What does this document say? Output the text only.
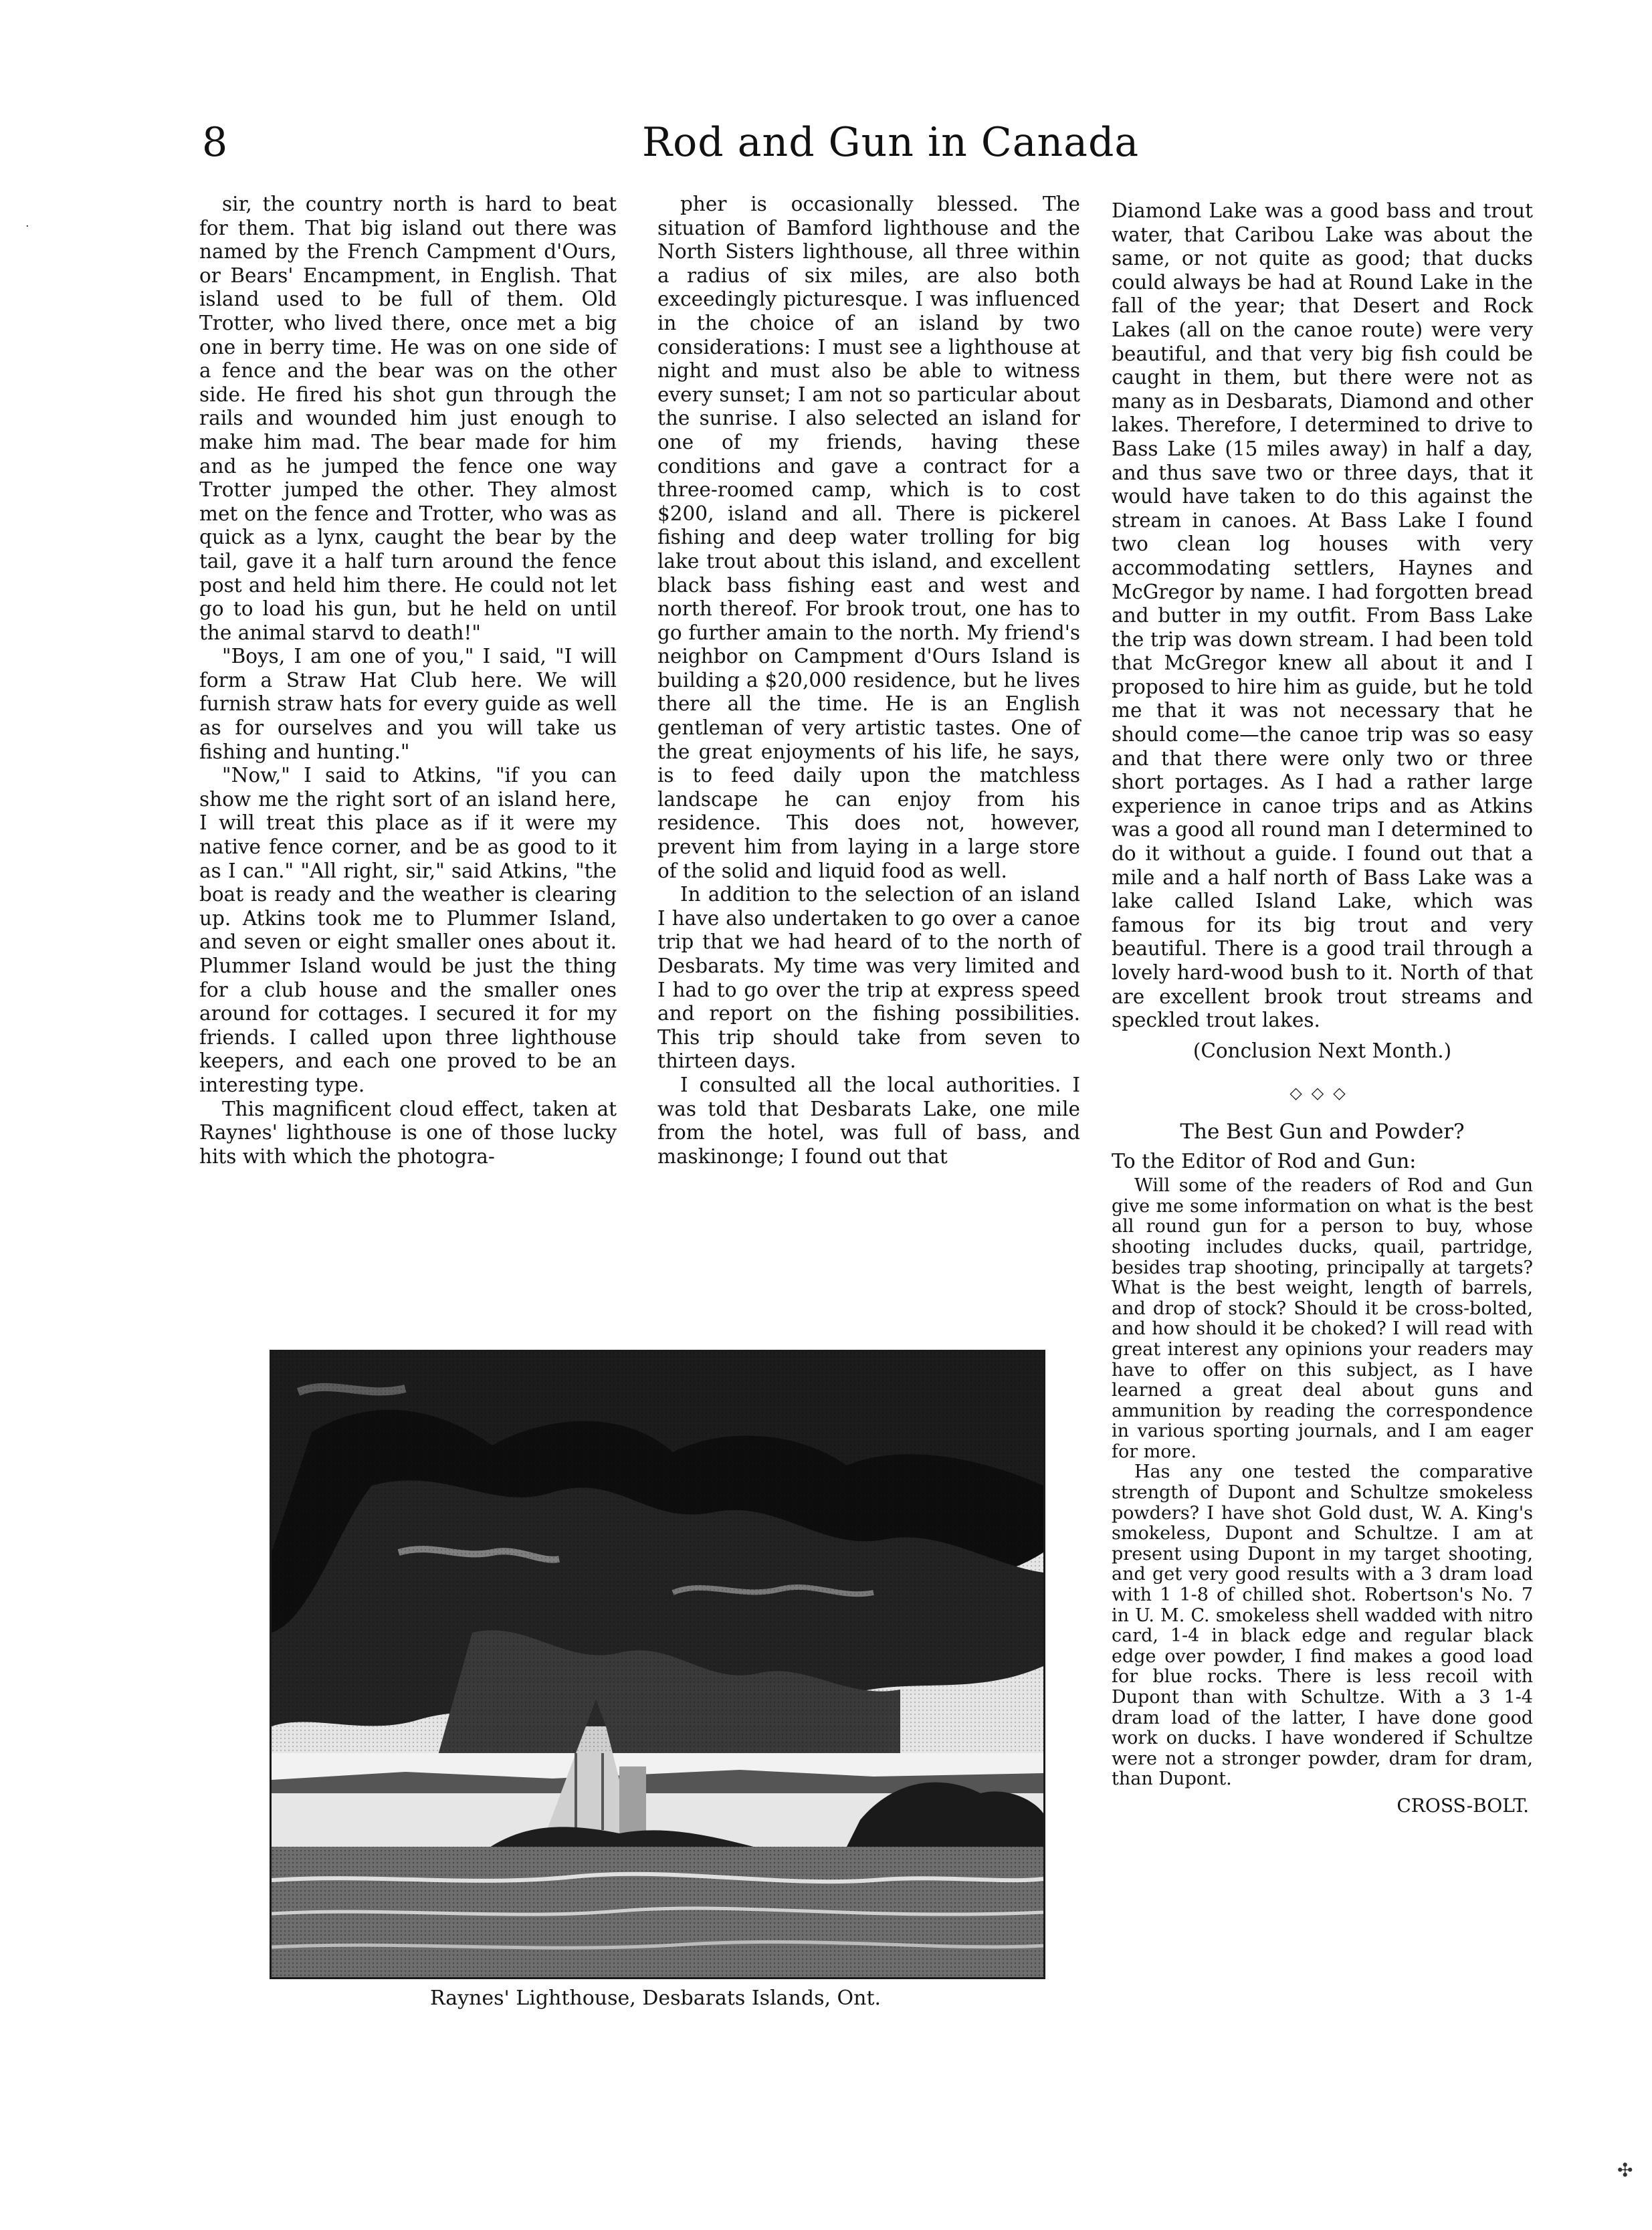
8	Rod and Gun in Canada

sir, the country north is hard to beat for them. That big island out there was named by the French Campment d'Ours, or Bears' Encampment, in English. That island used to be full of them. Old Trotter, who lived there, once met a big one in berry time. He was on one side of a fence and the bear was on the other side. He fired his shot gun through the rails and wounded him just enough to make him mad. The bear made for him and as he jumped the fence one way Trotter jumped the other. They almost met on the fence and Trotter, who was as quick as a lynx, caught the bear by the tail, gave it a half turn around the fence post and held him there. He could not let go to load his gun, but he held on until the animal starvd to death!"

"Boys, I am one of you," I said, "I will form a Straw Hat Club here. We will furnish straw hats for every guide as well as for ourselves and you will take us fishing and hunting."

"Now," I said to Atkins, "if you can show me the right sort of an island here, I will treat this place as if it were my native fence corner, and be as good to it as I can." "All right, sir," said Atkins, "the boat is ready and the weather is clearing up. Atkins took me to Plummer Island, and seven or eight smaller ones about it. Plummer Island would be just the thing for a club house and the smaller ones around for cottages. I secured it for my friends. I called upon three lighthouse keepers, and each one proved to be an interesting type.

This magnificent cloud effect, taken at Raynes' lighthouse is one of those lucky hits with which the photogra-

pher is occasionally blessed. The situation of Bamford lighthouse and the North Sisters lighthouse, all three within a radius of six miles, are also both exceedingly picturesque. I was influenced in the choice of an island by two considerations: I must see a lighthouse at night and must also be able to witness every sunset; I am not so particular about the sunrise. I also selected an island for one of my friends, having these conditions and gave a contract for a three-roomed camp, which is to cost $200, island and all. There is pickerel fishing and deep water trolling for big lake trout about this island, and excellent black bass fishing east and west and north thereof. For brook trout, one has to go further amain to the north. My friend's neighbor on Campment d'Ours Island is building a $20,000 residence, but he lives there all the time. He is an English gentleman of very artistic tastes. One of the great enjoyments of his life, he says, is to feed daily upon the matchless landscape he can enjoy from his residence. This does not, however, prevent him from laying in a large store of the solid and liquid food as well.

In addition to the selection of an island I have also undertaken to go over a canoe trip that we had heard of to the north of Desbarats. My time was very limited and I had to go over the trip at express speed and report on the fishing possibilities. This trip should take from seven to thirteen days.

I consulted all the local authorities. I was told that Desbarats Lake, one mile from the hotel, was full of bass, and maskinonge; I found out that

Diamond Lake was a good bass and trout water, that Caribou Lake was about the same, or not quite as good; that ducks could always be had at Round Lake in the fall of the year; that Desert and Rock Lakes (all on the canoe route) were very beautiful, and that very big fish could be caught in them, but there were not as many as in Desbarats, Diamond and other lakes. Therefore, I determined to drive to Bass Lake (15 miles away) in half a day, and thus save two or three days, that it would have taken to do this against the stream in canoes. At Bass Lake I found two clean log houses with very accommodating settlers, Haynes and McGregor by name. I had forgotten bread and butter in my outfit. From Bass Lake the trip was down stream. I had been told that McGregor knew all about it and I proposed to hire him as guide, but he told me that it was not necessary that he should come—the canoe trip was so easy and that there were only two or three short portages. As I had a rather large experience in canoe trips and as Atkins was a good all round man I determined to do it without a guide. I found out that a mile and a half north of Bass Lake was a lake called Island Lake, which was famous for its big trout and very beautiful. There is a good trail through a lovely hard-wood bush to it. North of that are excellent brook trout streams and speckled trout lakes.

(Conclusion Next Month.)

◇◇◇
The Best Gun and Powder?

To the Editor of Rod and Gun:

Will some of the readers of Rod and Gun give me some information on what is the best all round gun for a person to buy, whose shooting includes ducks, quail, partridge, besides trap shooting, principally at targets? What is the best weight, length of barrels, and drop of stock? Should it be cross-bolted, and how should it be choked? I will read with great interest any opinions your readers may have to offer on this subject, as I have learned a great deal about guns and ammunition by reading the correspondence in various sporting journals, and I am eager for more.

Has any one tested the comparative strength of Dupont and Schultze smokeless powders? I have shot Gold dust, W. A. King's smokeless, Dupont and Schultze. I am at present using Dupont in my target shooting, and get very good results with a 3 dram load with 1 1-8 of chilled shot. Robertson's No. 7 in U. M. C. smokeless shell wadded with nitro card, 1-4 in black edge and regular black edge over powder, I find makes a good load for blue rocks. There is less recoil with Dupont than with Schultze. With a 3 1-4 dram load of the latter, I have done good work on ducks. I have wondered if Schultze were not a stronger powder, dram for dram, than Dupont.

CROSS-BOLT.

Raynes' Lighthouse, Desbarats Islands, Ont.
✣
·
